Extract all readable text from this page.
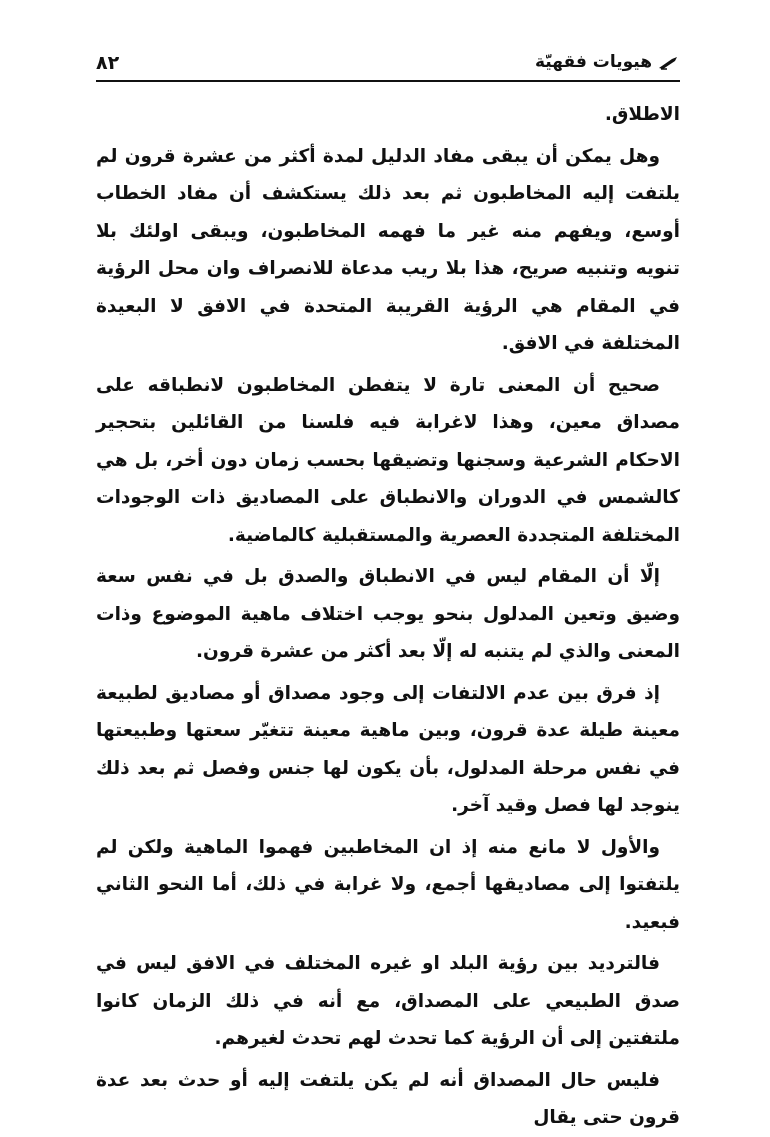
٨٢	هيويات فقهيّة

الاطلاق.

وهل يمكن أن يبقى مفاد الدليل لمدة أكثر من عشرة قرون لم يلتفت إليه المخاطبون ثم بعد ذلك يستكشف أن مفاد الخطاب أوسع، ويفهم منه غير ما فهمه المخاطبون، ويبقى اولئك بلا تنويه وتنبيه صريح، هذا بلا ريب مدعاة للانصراف وان محل الرؤية في المقام هي الرؤية القريبة المتحدة في الافق لا البعيدة المختلفة في الافق.

صحيح أن المعنى تارة لا يتفطن المخاطبون لانطباقه على مصداق معين، وهذا لاغرابة فيه فلسنا من القائلين بتحجير الاحكام الشرعية وسجنها وتضيقها بحسب زمان دون أخر، بل هي كالشمس في الدوران والانطباق على المصاديق ذات الوجودات المختلفة المتجددة العصرية والمستقبلية كالماضية.

إلّا أن المقام ليس في الانطباق والصدق بل في نفس سعة وضيق وتعين المدلول بنحو يوجب اختلاف ماهية الموضوع وذات المعنى والذي لم يتنبه له إلّا بعد أكثر من عشرة قرون.

إذ فرق بين عدم الالتفات إلى وجود مصداق أو مصاديق لطبيعة معينة طيلة عدة قرون، وبين ماهية معينة تتغيّر سعتها وطبيعتها في نفس مرحلة المدلول، بأن يكون لها جنس وفصل ثم بعد ذلك ينوجد لها فصل وقيد آخر.

والأول لا مانع منه إذ ان المخاطبين فهموا الماهية ولكن لم يلتفتوا إلى مصاديقها أجمع، ولا غرابة في ذلك، أما النحو الثاني فبعيد.

فالترديد بين رؤية البلد او غيره المختلف في الافق ليس في صدق الطبيعي على المصداق، مع أنه في ذلك الزمان كانوا ملتفتين إلى أن الرؤية كما تحدث لهم تحدث لغيرهم.

فليس حال المصداق أنه لم يكن يلتفت إليه أو حدث بعد عدة قرون حتى يقال
